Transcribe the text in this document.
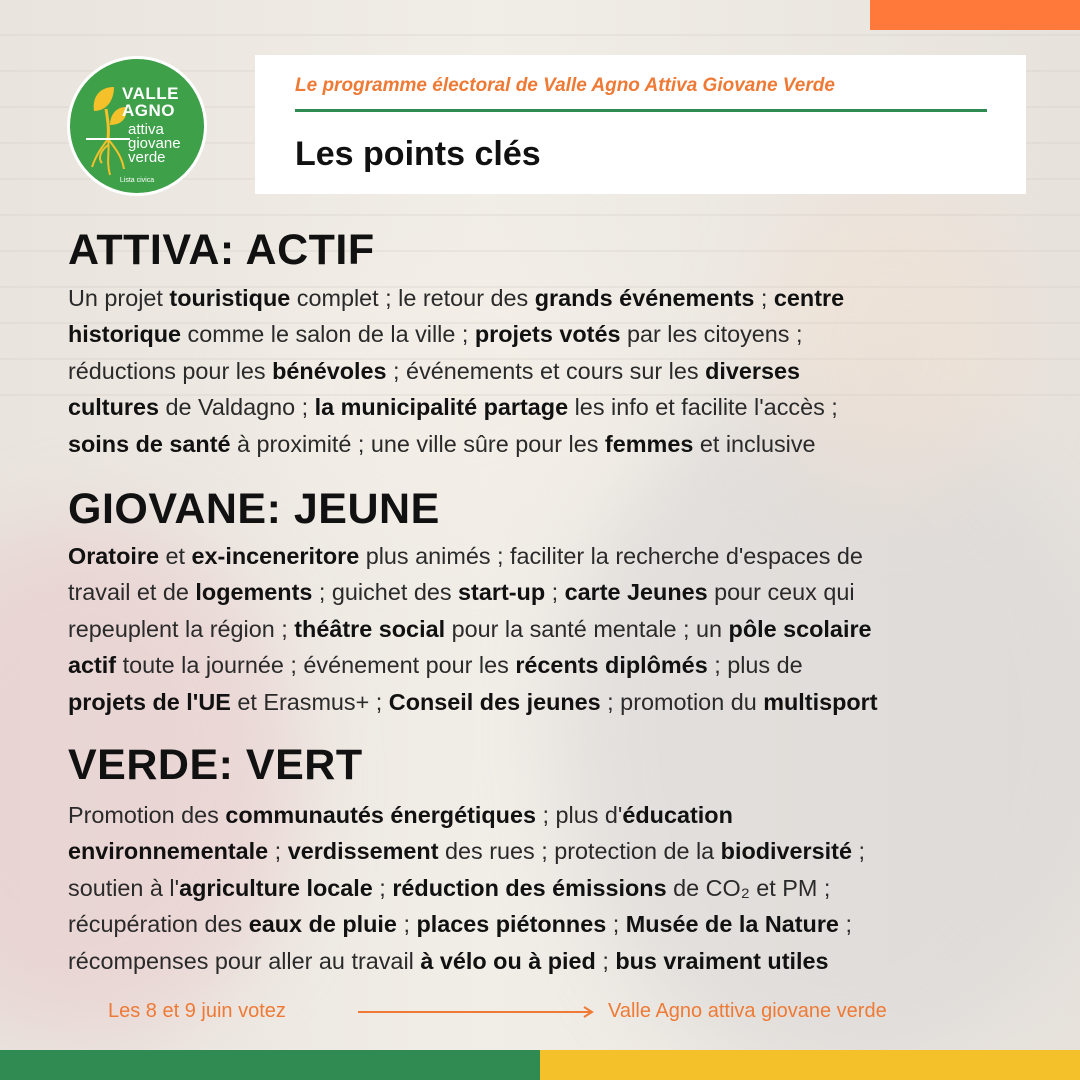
VALLE
AGNO
attiva
giovane
verde
Lista civica
Le programme électoral de Valle Agno Attiva Giovane Verde
Les points clés
ATTIVA: ACTIF
Un projet touristique complet ; le retour des grands événements ; centre
historique comme le salon de la ville ; projets votés par les citoyens ;
réductions pour les bénévoles ; événements et cours sur les diverses
cultures de Valdagno ; la municipalité partage les info et facilite l'accès ;
soins de santé à proximité ; une ville sûre pour les femmes et inclusive
GIOVANE: JEUNE
Oratoire et ex-inceneritore plus animés ; faciliter la recherche d'espaces de
travail et de logements ; guichet des start-up ; carte Jeunes pour ceux qui
repeuplent la région ; théâtre social pour la santé mentale ; un pôle scolaire
actif toute la journée ; événement pour les récents diplômés ; plus de
projets de l'UE et Erasmus+ ; Conseil des jeunes ; promotion du multisport
VERDE: VERT
Promotion des communautés énergétiques ; plus d'éducation
environnementale ; verdissement des rues ; protection de la biodiversité ;
soutien à l'agriculture locale ; réduction des émissions de CO₂ et PM ;
récupération des eaux de pluie ; places piétonnes ; Musée de la Nature ;
récompenses pour aller au travail à vélo ou à pied ; bus vraiment utiles
Les 8 et 9 juin votez	Valle Agno attiva giovane verde
